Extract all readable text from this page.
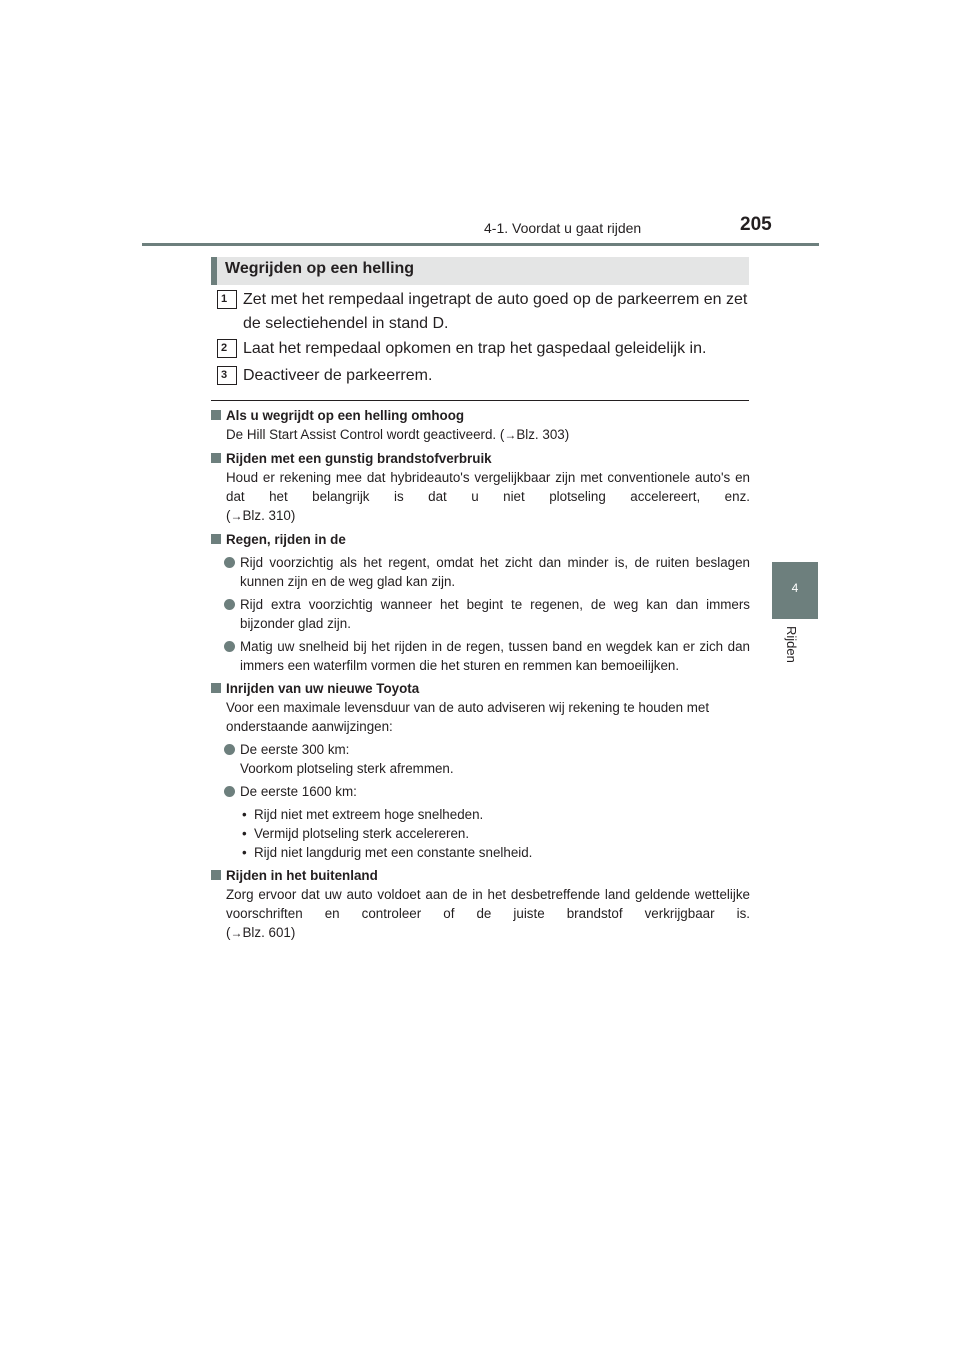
4-1. Voordat u gaat rijden	205
4
Rijden
Wegrijden op een helling
1 Zet met het rempedaal ingetrapt de auto goed op de parkeerrem en zet de selectiehendel in stand D.
2 Laat het rempedaal opkomen en trap het gaspedaal geleidelijk in.
3 Deactiveer de parkeerrem.
Als u wegrijdt op een helling omhoog
De Hill Start Assist Control wordt geactiveerd. (→Blz. 303)
Rijden met een gunstig brandstofverbruik
Houd er rekening mee dat hybrideauto's vergelijkbaar zijn met conventionele auto's en dat het belangrijk is dat u niet plotseling accelereert, enz.
(→Blz. 310)
Regen, rijden in de
Rijd voorzichtig als het regent, omdat het zicht dan minder is, de ruiten beslagen kunnen zijn en de weg glad kan zijn.
Rijd extra voorzichtig wanneer het begint te regenen, de weg kan dan immers bijzonder glad zijn.
Matig uw snelheid bij het rijden in de regen, tussen band en wegdek kan er zich dan immers een waterfilm vormen die het sturen en remmen kan bemoeilijken.
Inrijden van uw nieuwe Toyota
Voor een maximale levensduur van de auto adviseren wij rekening te houden met onderstaande aanwijzingen:
De eerste 300 km:
Voorkom plotseling sterk afremmen.
De eerste 1600 km:
• Rijd niet met extreem hoge snelheden.
• Vermijd plotseling sterk accelereren.
• Rijd niet langdurig met een constante snelheid.
Rijden in het buitenland
Zorg ervoor dat uw auto voldoet aan de in het desbetreffende land geldende wettelijke voorschriften en controleer of de juiste brandstof verkrijgbaar is.
(→Blz. 601)
